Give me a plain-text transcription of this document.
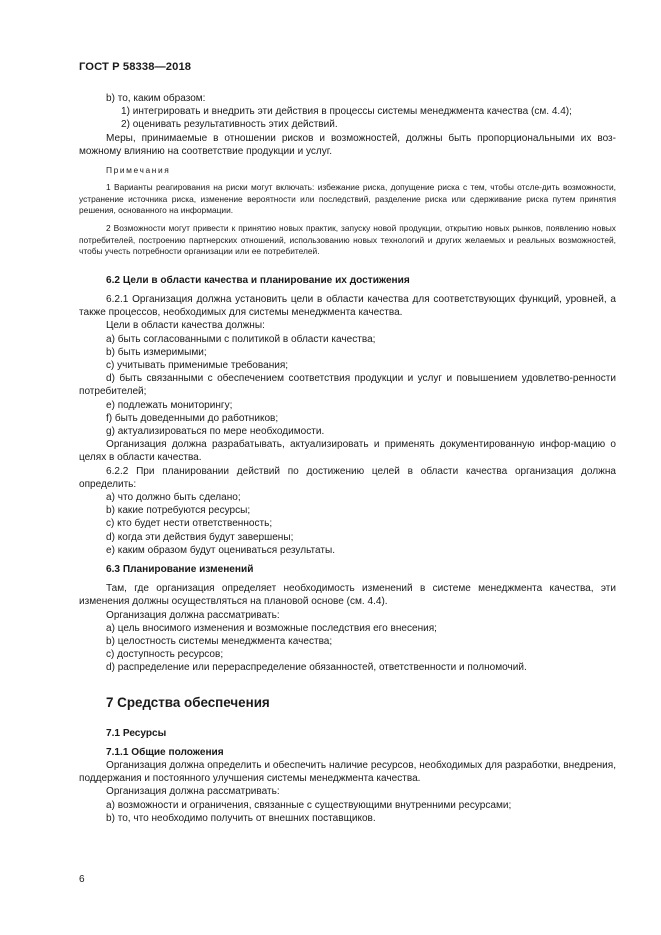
ГОСТ Р 58338—2018

b) то, каким образом:

1) интегрировать и внедрить эти действия в процессы системы менеджмента качества (см. 4.4);

2) оценивать результативность этих действий.

Меры, принимаемые в отношении рисков и возможностей, должны быть пропорциональными их воз-можному влиянию на соответствие продукции и услуг.

Примечания

1 Варианты реагирования на риски могут включать: избежание риска, допущение риска с тем, чтобы отсле-дить возможности, устранение источника риска, изменение вероятности или последствий, разделение риска или сдерживание риска путем принятия решения, основанного на информации.

2 Возможности могут привести к принятию новых практик, запуску новой продукции, открытию новых рынков, появлению новых потребителей, построению партнерских отношений, использованию новых технологий и других желаемых и реальных возможностей, чтобы учесть потребности организации или ее потребителей.

6.2 Цели в области качества и планирование их достижения

6.2.1 Организация должна установить цели в области качества для соответствующих функций, уровней, а также процессов, необходимых для системы менеджмента качества.

Цели в области качества должны:

a) быть согласованными с политикой в области качества;

b) быть измеримыми;

c) учитывать применимые требования;

d) быть связанными с обеспечением соответствия продукции и услуг и повышением удовлетво-ренности потребителей;

e) подлежать мониторингу;

f) быть доведенными до работников;

g) актуализироваться по мере необходимости.

Организация должна разрабатывать, актуализировать и применять документированную инфор-мацию о целях в области качества.

6.2.2 При планировании действий по достижению целей в области качества организация должна определить:

a) что должно быть сделано;

b) какие потребуются ресурсы;

c) кто будет нести ответственность;

d) когда эти действия будут завершены;

e) каким образом будут оцениваться результаты.

6.3 Планирование изменений

Там, где организация определяет необходимость изменений в системе менеджмента качества, эти изменения должны осуществляться на плановой основе (см. 4.4).

Организация должна рассматривать:

a) цель вносимого изменения и возможные последствия его внесения;

b) целостность системы менеджмента качества;

c) доступность ресурсов;

d) распределение или перераспределение обязанностей, ответственности и полномочий.

7 Средства обеспечения

7.1 Ресурсы

7.1.1 Общие положения

Организация должна определить и обеспечить наличие ресурсов, необходимых для разработки, внедрения, поддержания и постоянного улучшения системы менеджмента качества.

Организация должна рассматривать:

a) возможности и ограничения, связанные с существующими внутренними ресурсами;

b) то, что необходимо получить от внешних поставщиков.

6
